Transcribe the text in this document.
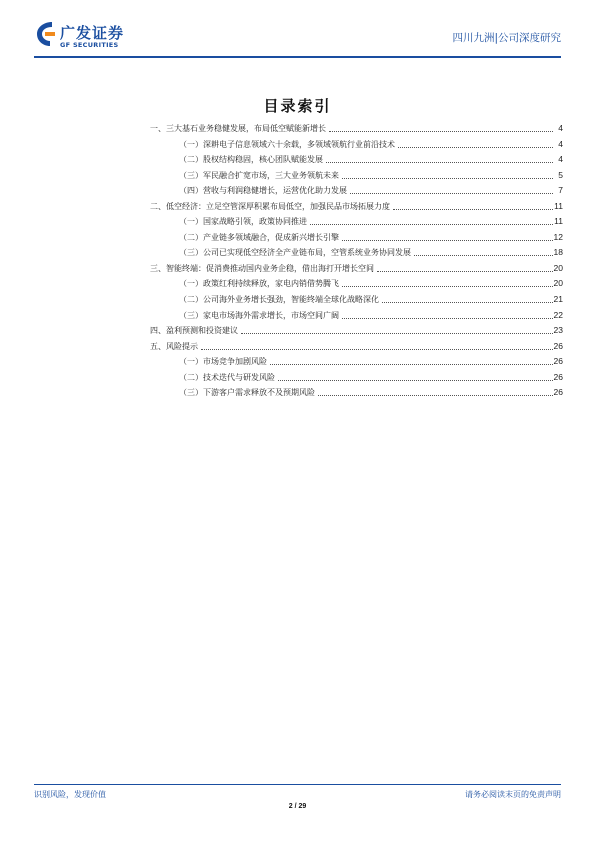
广发证券
GF SECURITIES
四川九洲|公司深度研究
目录索引
一、三大基石业务稳健发展，布局低空赋能新增长	4
（一）深耕电子信息领域六十余载，多领域领航行业前沿技术	4
（二）股权结构稳固，核心团队赋能发展	4
（三）军民融合扩宽市场，三大业务领航未来	5
（四）营收与利润稳健增长，运营优化助力发展	7
二、低空经济：立足空管深厚积累布局低空，加强民品市场拓展力度	11
（一）国家战略引领，政策协同推进	11
（二）产业链多领域融合，促成新兴增长引擎	12
（三）公司已实现低空经济全产业链布局，空管系统业务协同发展	18
三、智能终端：促消费推动国内业务企稳，借出海打开增长空间	20
（一）政策红利持续释放，家电内销借势腾飞	20
（二）公司海外业务增长强劲，智能终端全球化战略深化	21
（三）家电市场海外需求增长，市场空间广阔	22
四、盈利预测和投资建议	23
五、风险提示	26
（一）市场竞争加剧风险	26
（二）技术迭代与研发风险	26
（三）下游客户需求释放不及预期风险	26
识别风险，发现价值	请务必阅读末页的免责声明
2 / 29
